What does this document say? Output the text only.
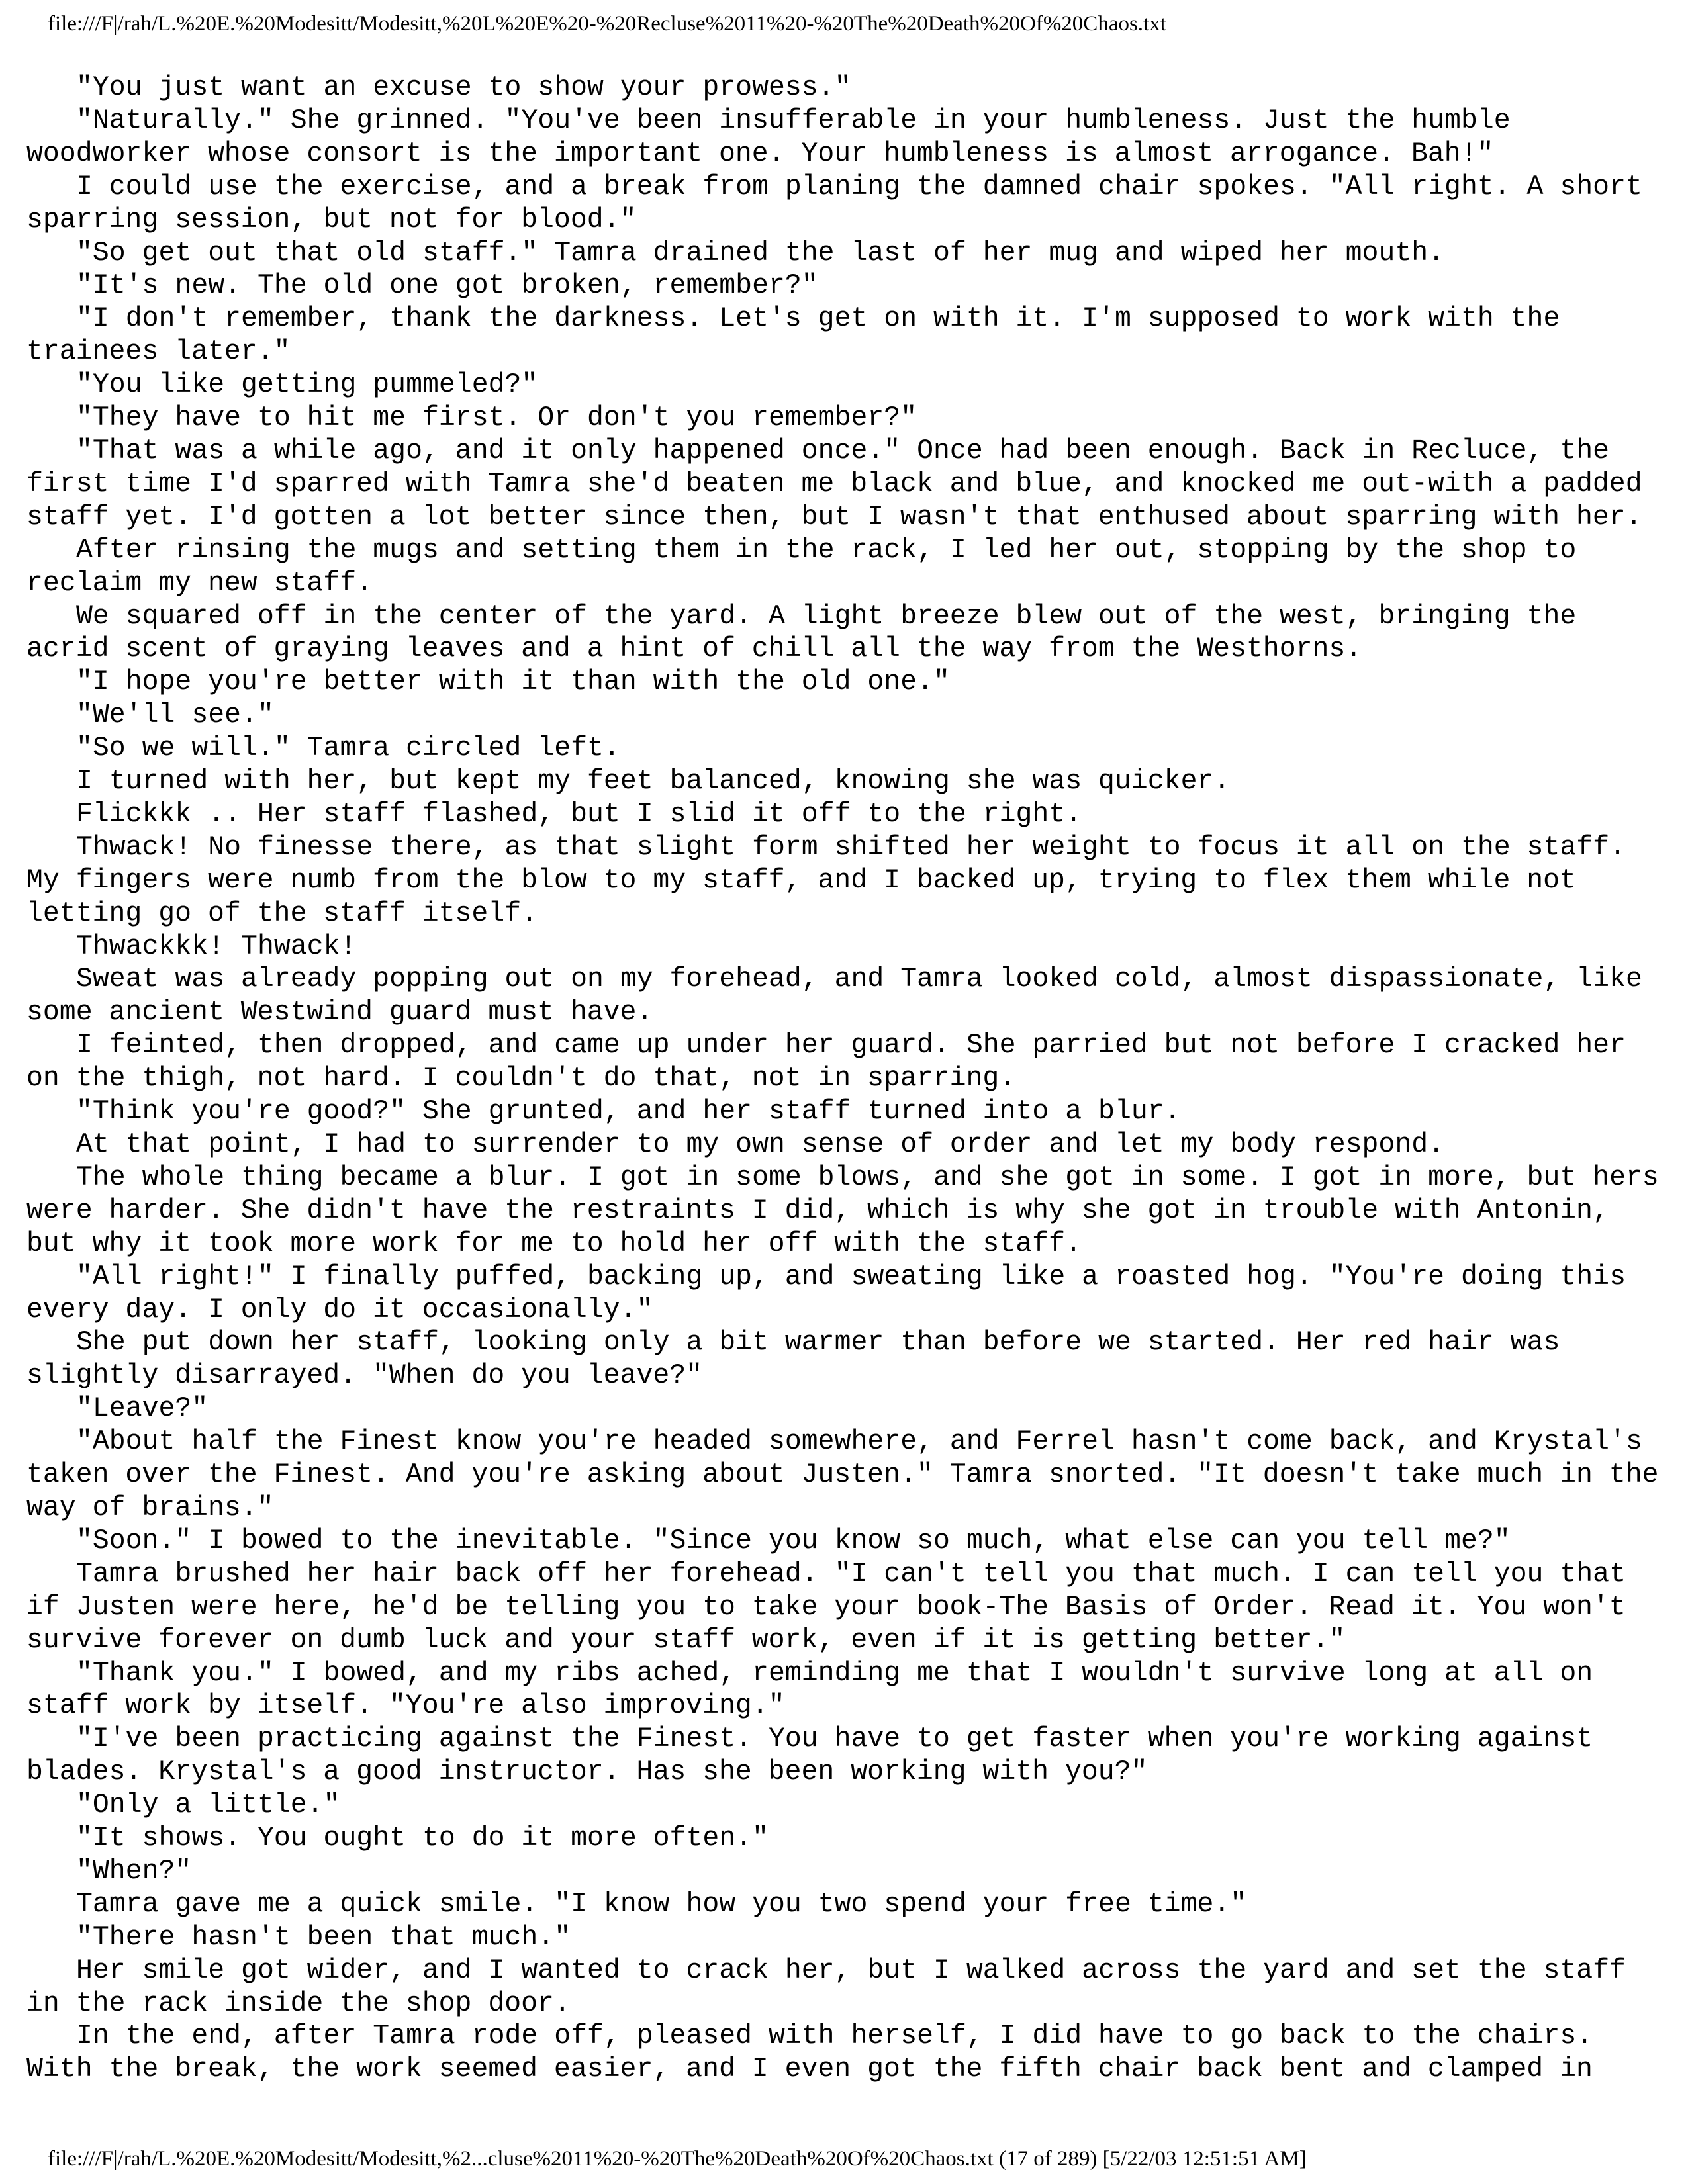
file:///F|/rah/L.%20E.%20Modesitt/Modesitt,%20L%20E%20-%20Recluse%2011%20-%20The%20Death%20Of%20Chaos.txt

"You just want an excuse to show your prowess."

"Naturally." She grinned. "You've been insufferable in your humbleness. Just the humble woodworker whose consort is the important one. Your humbleness is almost arrogance. Bah!"

I could use the exercise, and a break from planing the damned chair spokes. "All right. A short sparring session, but not for blood."

"So get out that old staff." Tamra drained the last of her mug and wiped her mouth.

"It's new. The old one got broken, remember?"

"I don't remember, thank the darkness. Let's get on with it. I'm supposed to work with the trainees later."

"You like getting pummeled?"

"They have to hit me first. Or don't you remember?"

"That was a while ago, and it only happened once." Once had been enough. Back in Recluce, the first time I'd sparred with Tamra she'd beaten me black and blue, and knocked me out-with a padded staff yet. I'd gotten a lot better since then, but I wasn't that enthused about sparring with her.

After rinsing the mugs and setting them in the rack, I led her out, stopping by the shop to reclaim my new staff.

We squared off in the center of the yard. A light breeze blew out of the west, bringing the acrid scent of graying leaves and a hint of chill all the way from the Westhorns.

"I hope you're better with it than with the old one."

"We'll see."

"So we will." Tamra circled left.

I turned with her, but kept my feet balanced, knowing she was quicker.

Flickkk .. Her staff flashed, but I slid it off to the right.

Thwack! No finesse there, as that slight form shifted her weight to focus it all on the staff. My fingers were numb from the blow to my staff, and I backed up, trying to flex them while not letting go of the staff itself.

Thwackkk! Thwack!

Sweat was already popping out on my forehead, and Tamra looked cold, almost dispassionate, like some ancient Westwind guard must have.

I feinted, then dropped, and came up under her guard. She parried but not before I cracked her on the thigh, not hard. I couldn't do that, not in sparring.

"Think you're good?" She grunted, and her staff turned into a blur.

At that point, I had to surrender to my own sense of order and let my body respond.

The whole thing became a blur. I got in some blows, and she got in some. I got in more, but hers were harder. She didn't have the restraints I did, which is why she got in trouble with Antonin, but why it took more work for me to hold her off with the staff.

"All right!" I finally puffed, backing up, and sweating like a roasted hog. "You're doing this every day. I only do it occasionally."

She put down her staff, looking only a bit warmer than before we started. Her red hair was slightly disarrayed. "When do you leave?"

"Leave?"

"About half the Finest know you're headed somewhere, and Ferrel hasn't come back, and Krystal's taken over the Finest. And you're asking about Justen." Tamra snorted. "It doesn't take much in the way of brains."

"Soon." I bowed to the inevitable. "Since you know so much, what else can you tell me?"

Tamra brushed her hair back off her forehead. "I can't tell you that much. I can tell you that if Justen were here, he'd be telling you to take your book-The Basis of Order. Read it. You won't survive forever on dumb luck and your staff work, even if it is getting better."

"Thank you." I bowed, and my ribs ached, reminding me that I wouldn't survive long at all on staff work by itself. "You're also improving."

"I've been practicing against the Finest. You have to get faster when you're working against blades. Krystal's a good instructor. Has she been working with you?"

"Only a little."

"It shows. You ought to do it more often."

"When?"

Tamra gave me a quick smile. "I know how you two spend your free time."

"There hasn't been that much."

Her smile got wider, and I wanted to crack her, but I walked across the yard and set the staff in the rack inside the shop door.

In the end, after Tamra rode off, pleased with herself, I did have to go back to the chairs. With the break, the work seemed easier, and I even got the fifth chair back bent and clamped in

file:///F|/rah/L.%20E.%20Modesitt/Modesitt,%2...cluse%2011%20-%20The%20Death%20Of%20Chaos.txt (17 of 289) [5/22/03 12:51:51 AM]
